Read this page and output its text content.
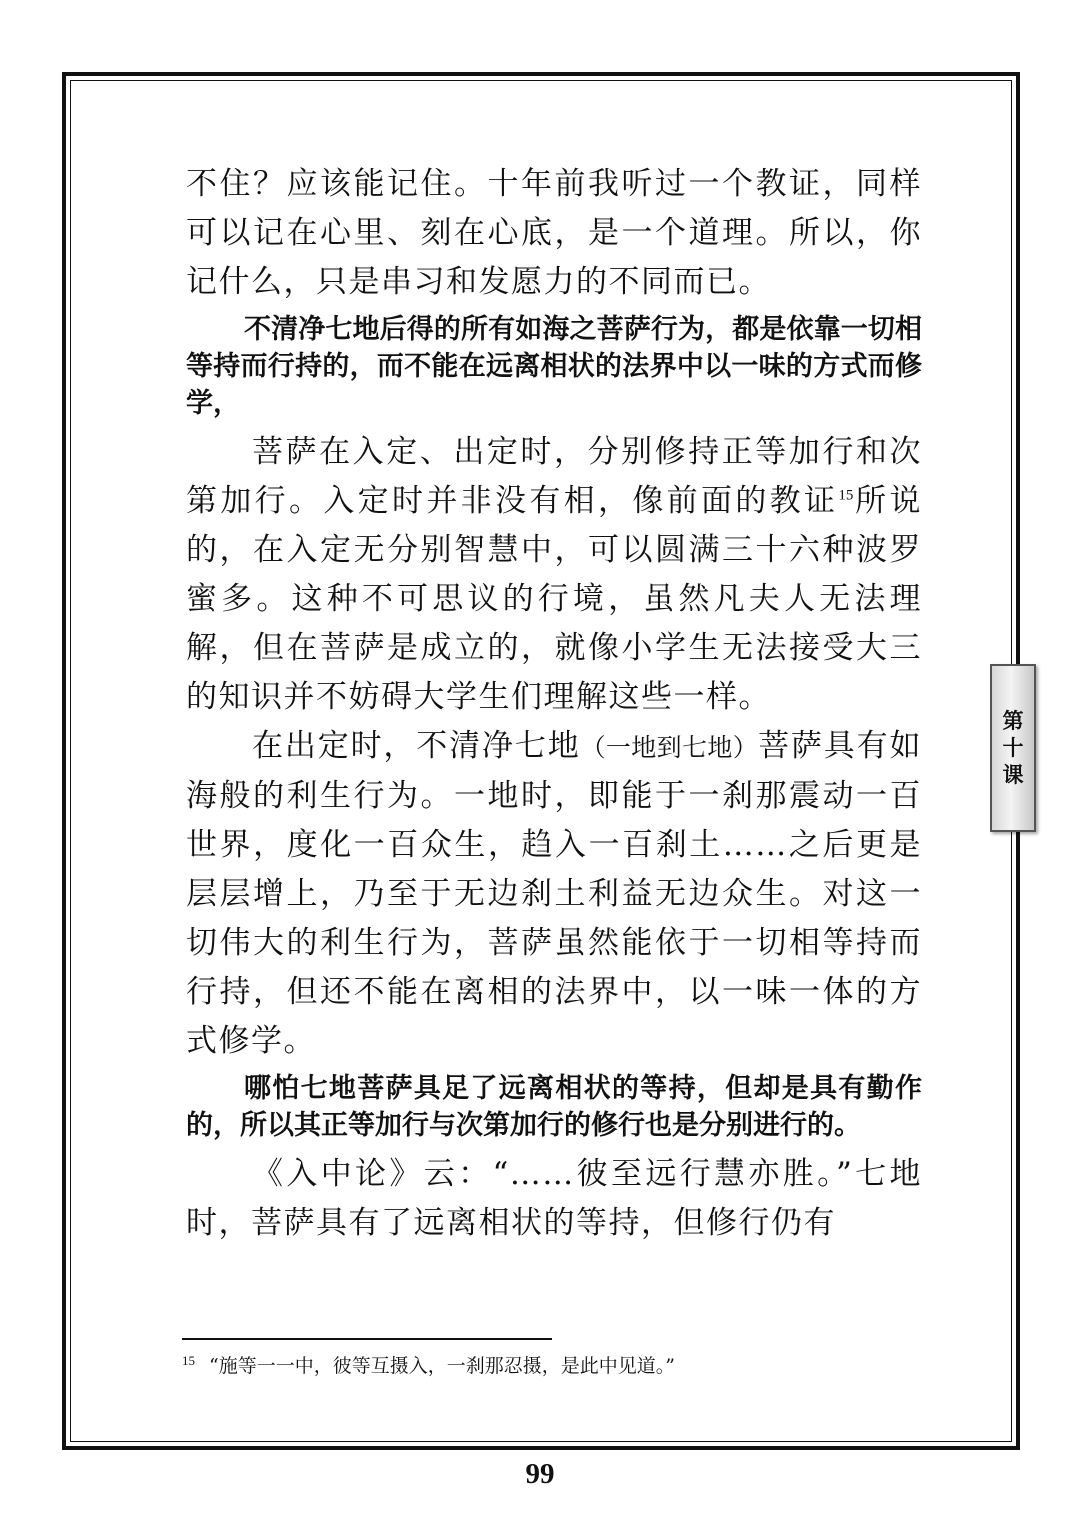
不住？应该能记住。十年前我听过一个教证，同样可以记在心里、刻在心底，是一个道理。所以，你记什么，只是串习和发愿力的不同而已。

不清净七地后得的所有如海之菩萨行为，都是依靠一切相等持而行持的，而不能在远离相状的法界中以一味的方式而修学，

菩萨在入定、出定时，分别修持正等加行和次第加行。入定时并非没有相，像前面的教证$^{15}$所说的，在入定无分别智慧中，可以圆满三十六种波罗蜜多。这种不可思议的行境，虽然凡夫人无法理解，但在菩萨是成立的，就像小学生无法接受大三的知识并不妨碍大学生们理解这些一样。

在出定时，不清净七地（一地到七地）菩萨具有如海般的利生行为。一地时，即能于一刹那震动一百世界，度化一百众生，趋入一百刹土……之后更是层层增上，乃至于无边刹土利益无边众生。对这一切伟大的利生行为，菩萨虽然能依于一切相等持而行持，但还不能在离相的法界中，以一味一体的方式修学。

哪怕七地菩萨具足了远离相状的等持，但却是具有勤作的，所以其正等加行与次第加行的修行也是分别进行的。

《入中论》云：“……彼至远行慧亦胜。”七地时，菩萨具有了远离相状的等持，但修行仍有

$^{15}$ “施等一一中，彼等互摄入，一刹那忍摄，是此中见道。”
第十课
99
